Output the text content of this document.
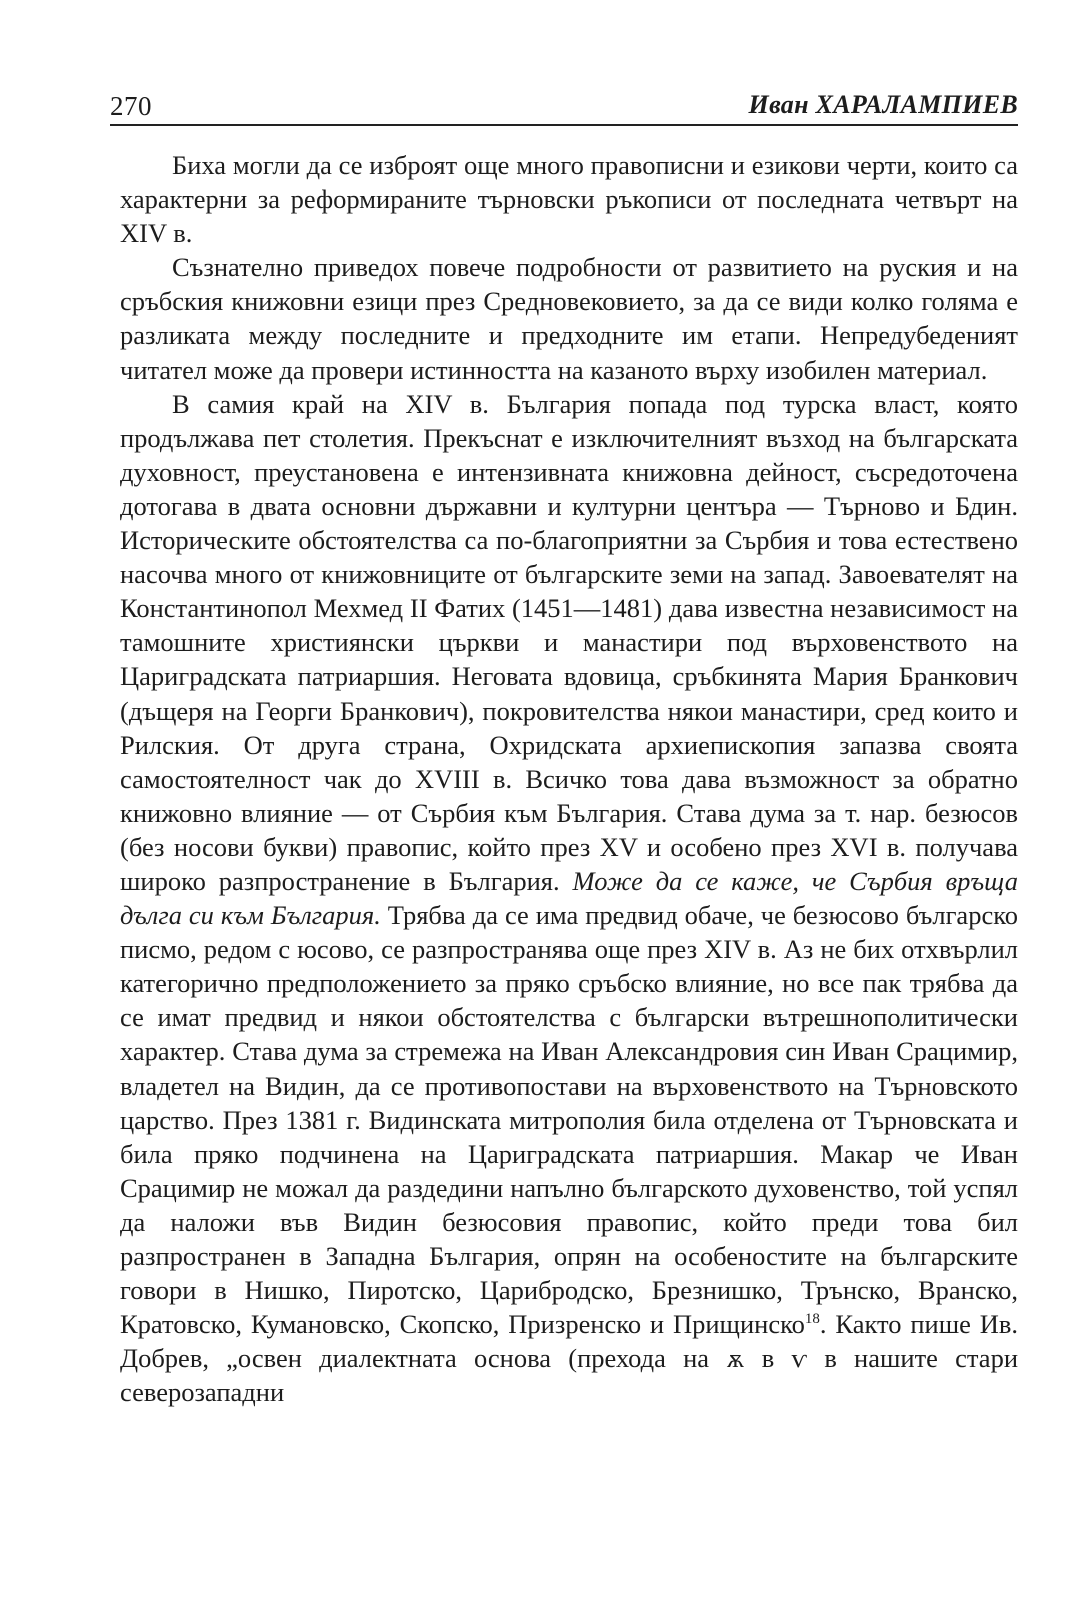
270	Иван ХАРАЛАМПИЕВ

Биха могли да се изброят още много правописни и езикови черти, които са характерни за реформираните търновски ръкописи от последната четвърт на XIV в.

Съзнателно приведох повече подробности от развитието на руския и на сръбския книжовни езици през Средновековието, за да се види колко голяма е разликата между последните и предходните им етапи. Непредубеденият читател може да провери истинността на казаното върху изобилен материал.

В самия край на XIV в. България попада под турска власт, която продължава пет столетия. Прекъснат е изключителният възход на българската духовност, преустановена е интензивната книжовна дейност, съсредоточена дотогава в двата основни държавни и културни центъра — Търново и Бдин. Историческите обстоятелства са по-благоприятни за Сърбия и това естествено насочва много от книжовниците от българските земи на запад. Завоевателят на Константинопол Мехмед II Фатих (1451—1481) дава известна независимост на тамошните християнски църкви и манастири под върховенството на Цариградската патриаршия. Неговата вдовица, сръбкинята Мария Бранкович (дъщеря на Георги Бранкович), покровителства някои манастири, сред които и Рилския. От друга страна, Охридската архиепископия запазва своята самостоятелност чак до XVIII в. Всичко това дава възможност за обратно книжовно влияние — от Сърбия към България. Става дума за т. нар. безюсов (без носови букви) правопис, който през XV и особено през XVI в. получава широко разпространение в България. Може да се каже, че Сърбия връща дълга си към България. Трябва да се има предвид обаче, че безюсово българско писмо, редом с юсово, се разпространява още през XIV в. Аз не бих отхвърлил категорично предположението за пряко сръбско влияние, но все пак трябва да се имат предвид и някои обстоятелства с български вътрешнополитически характер. Става дума за стремежа на Иван Александровия син Иван Срацимир, владетел на Видин, да се противопостави на върховенството на Търновското царство. През 1381 г. Видинската митрополия била отделена от Търновската и била пряко подчинена на Цариградската патриаршия. Макар че Иван Срацимир не можал да раздедини напълно българското духовенство, той успял да наложи във Видин безюсовия правопис, който преди това бил разпространен в Западна България, опрян на особеностите на българските говори в Нишко, Пиротско, Царибродско, Брезнишко, Трънско, Вранско, Кратовско, Кумановско, Скопско, Призренско и Прищинско$^{18}$. Както пише Ив. Добрев, „освен диалектната основа (прехода на ѫ в ѵ в нашите стари северозападни
